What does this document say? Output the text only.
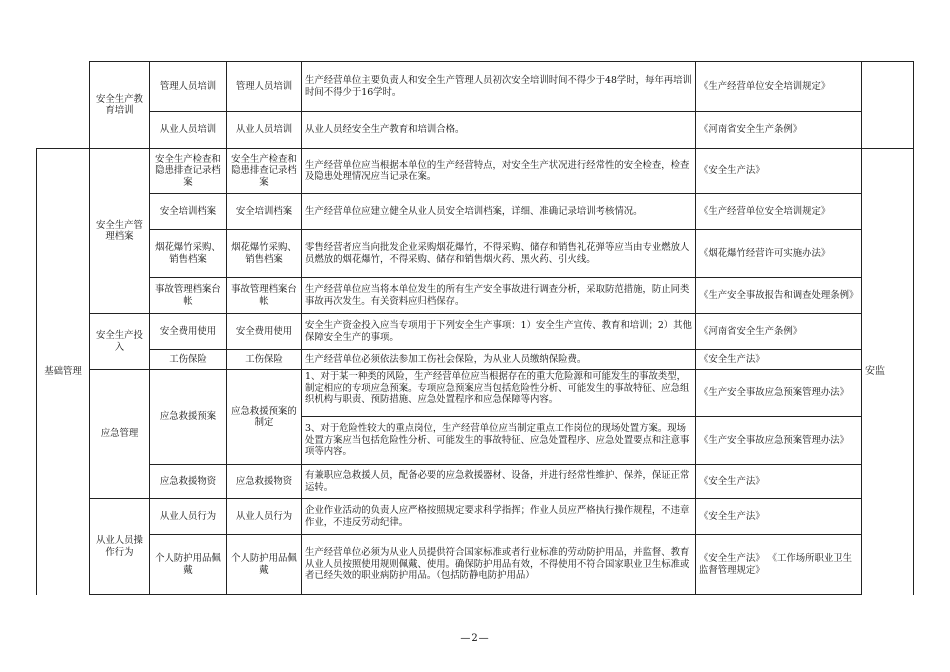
	安全生产教育培训	管理人员培训	管理人员培训	生产经营单位主要负责人和安全生产管理人员初次安全培训时间不得少于48学时，每年再培训时间不得少于16学时。	《生产经营单位安全培训规定》	
		从业人员培训	从业人员培训	从业人员经安全生产教育和培训合格。	《河南省安全生产条例》	
基础管理	安全生产管理档案	安全生产检查和隐患排查记录档案	安全生产检查和隐患排查记录档案	生产经营单位应当根据本单位的生产经营特点，对安全生产状况进行经常性的安全检查，检查及隐患处理情况应当记录在案。	《安全生产法》	安监
		安全培训档案	安全培训档案	生产经营单位应建立健全从业人员安全培训档案，详细、准确记录培训考核情况。	《生产经营单位安全培训规定》	
		烟花爆竹采购、销售档案	烟花爆竹采购、销售档案	零售经营者应当向批发企业采购烟花爆竹，不得采购、储存和销售礼花弹等应当由专业燃放人员燃放的烟花爆竹，不得采购、储存和销售烟火药、黑火药、引火线。	《烟花爆竹经营许可实施办法》	
		事故管理档案台帐	事故管理档案台帐	生产经营单位应当将本单位发生的所有生产安全事故进行调查分析，采取防范措施，防止同类事故再次发生。有关资料应归档保存。	《生产安全事故报告和调查处理条例》	
	安全生产投入	安全费用使用	安全费用使用	安全生产资金投入应当专项用于下列安全生产事项：1）安全生产宣传、教育和培训；2）其他保障安全生产的事项。	《河南省安全生产条例》	
		工伤保险	工伤保险	生产经营单位必须依法参加工伤社会保险，为从业人员缴纳保险费。	《安全生产法》	
	应急管理	应急救援预案	应急救援预案的制定	1、对于某一种类的风险，生产经营单位应当根据存在的重大危险源和可能发生的事故类型，制定相应的专项应急预案。专项应急预案应当包括危险性分析、可能发生的事故特征、应急组织机构与职责、预防措施、应急处置程序和应急保障等内容。	《生产安全事故应急预案管理办法》	
				3、对于危险性较大的重点岗位，生产经营单位应当制定重点工作岗位的现场处置方案。现场处置方案应当包括危险性分析、可能发生的事故特征、应急处置程序、应急处置要点和注意事项等内容。	《生产安全事故应急预案管理办法》	
		应急救援物资	应急救援物资	有兼职应急救援人员，配备必要的应急救援器材、设备，并进行经常性维护、保养，保证正常运转。	《安全生产法》	
	从业人员操作行为	从业人员行为	从业人员行为	企业作业活动的负责人应严格按照规定要求科学指挥；作业人员应严格执行操作规程，不违章作业，不违反劳动纪律。	《安全生产法》	
		个人防护用品佩戴	个人防护用品佩戴	生产经营单位必须为从业人员提供符合国家标准或者行业标准的劳动防护用品，并监督、教育从业人员按照使用规则佩戴、使用。确保防护用品有效，不得使用不符合国家职业卫生标准或者已经失效的职业病防护用品。（包括防静电防护用品）	《安全生产法》 《工作场所职业卫生监督管理规定》	
—2—
